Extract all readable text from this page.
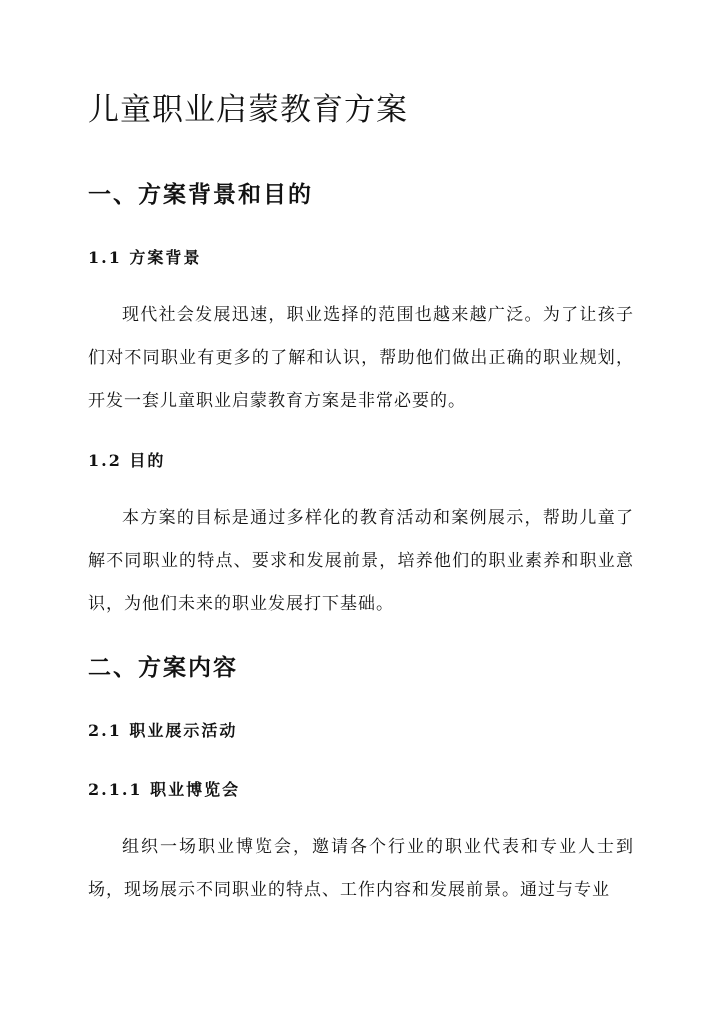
儿童职业启蒙教育方案
一、方案背景和目的
1.1 方案背景

现代社会发展迅速，职业选择的范围也越来越广泛。为了让孩子们对不同职业有更多的了解和认识，帮助他们做出正确的职业规划，开发一套儿童职业启蒙教育方案是非常必要的。

1.2 目的

本方案的目标是通过多样化的教育活动和案例展示，帮助儿童了解不同职业的特点、要求和发展前景，培养他们的职业素养和职业意识，为他们未来的职业发展打下基础。

二、方案内容
2.1 职业展示活动
2.1.1 职业博览会

组织一场职业博览会，邀请各个行业的职业代表和专业人士到场，现场展示不同职业的特点、工作内容和发展前景。通过与专业
